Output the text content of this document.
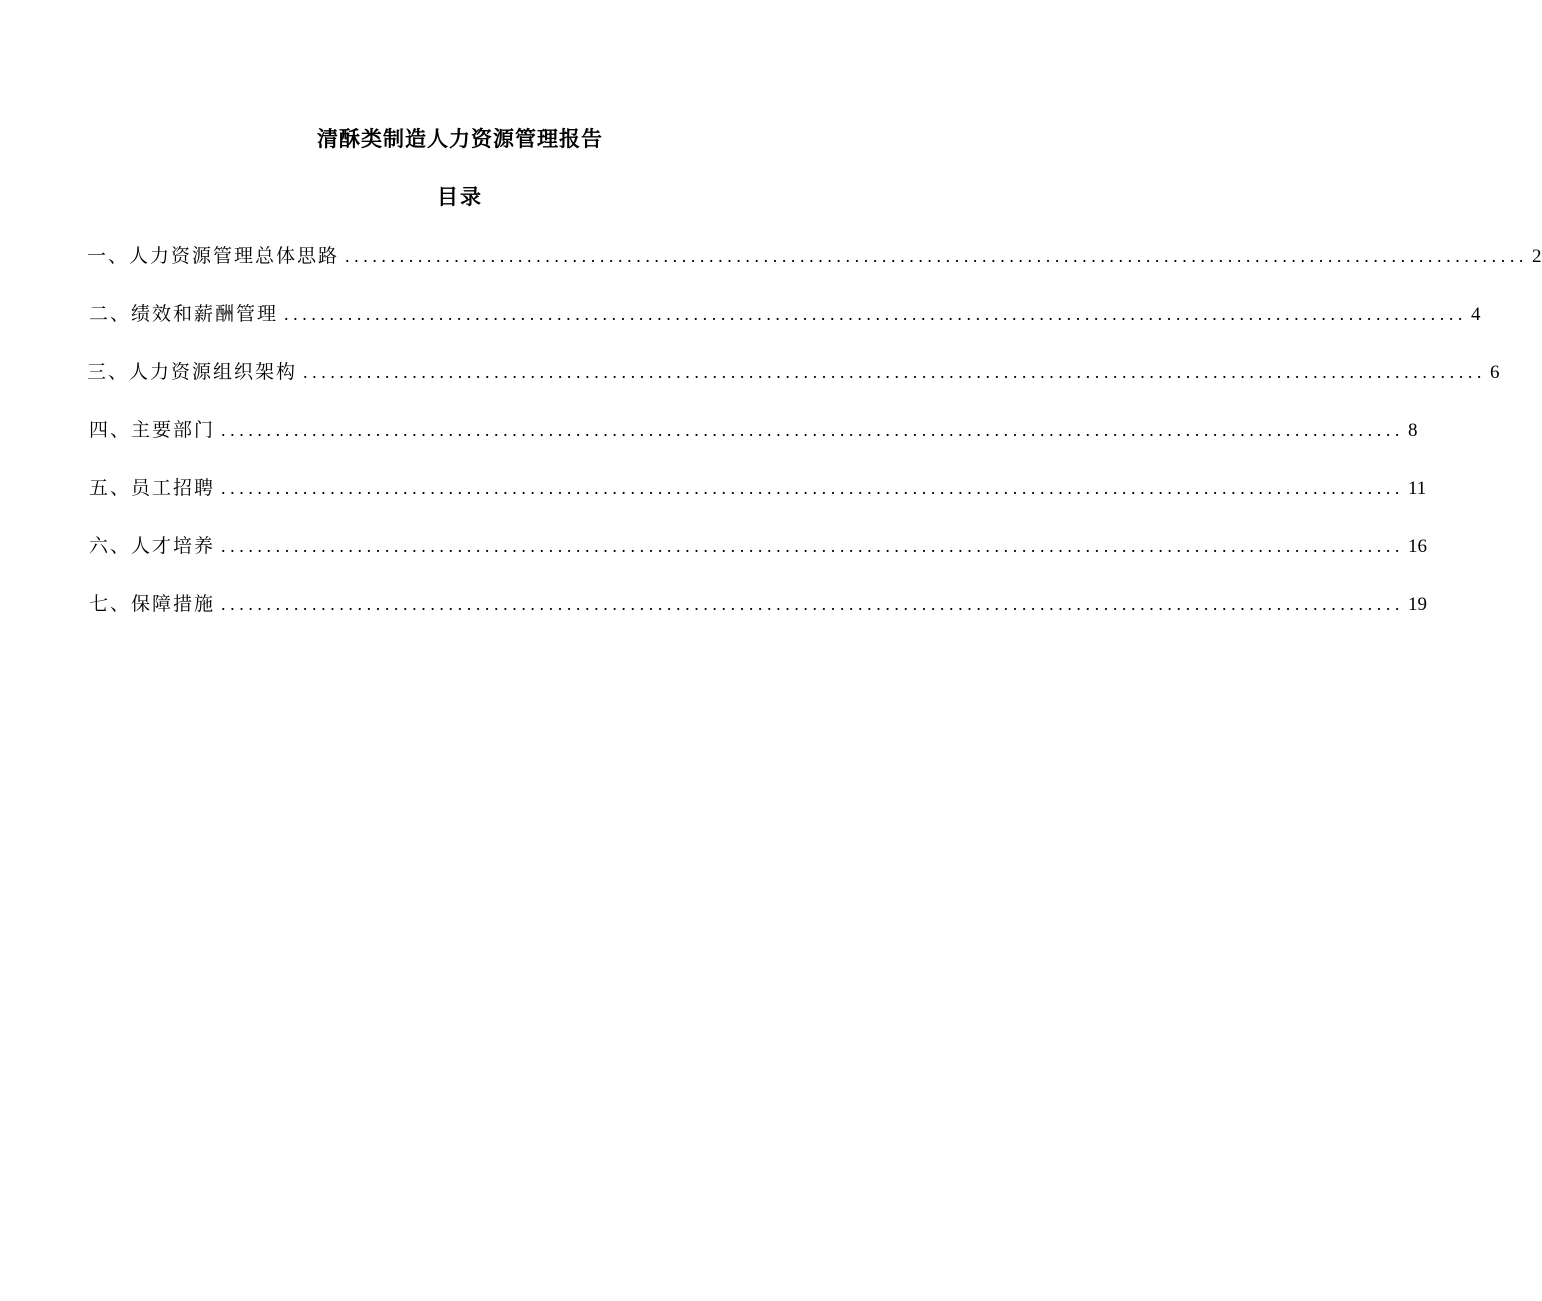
清酥类制造人力资源管理报告
目录
一、人力资源管理总体思路 .................................................................................................................................. 2
二、绩效和薪酬管理 .................................................................................................................................. 4
三、人力资源组织架构 .................................................................................................................................. 6
四、主要部门 .................................................................................................................................. 8
五、员工招聘 .................................................................................................................................. 11
六、人才培养 .................................................................................................................................. 16
七、保障措施 .................................................................................................................................. 19
